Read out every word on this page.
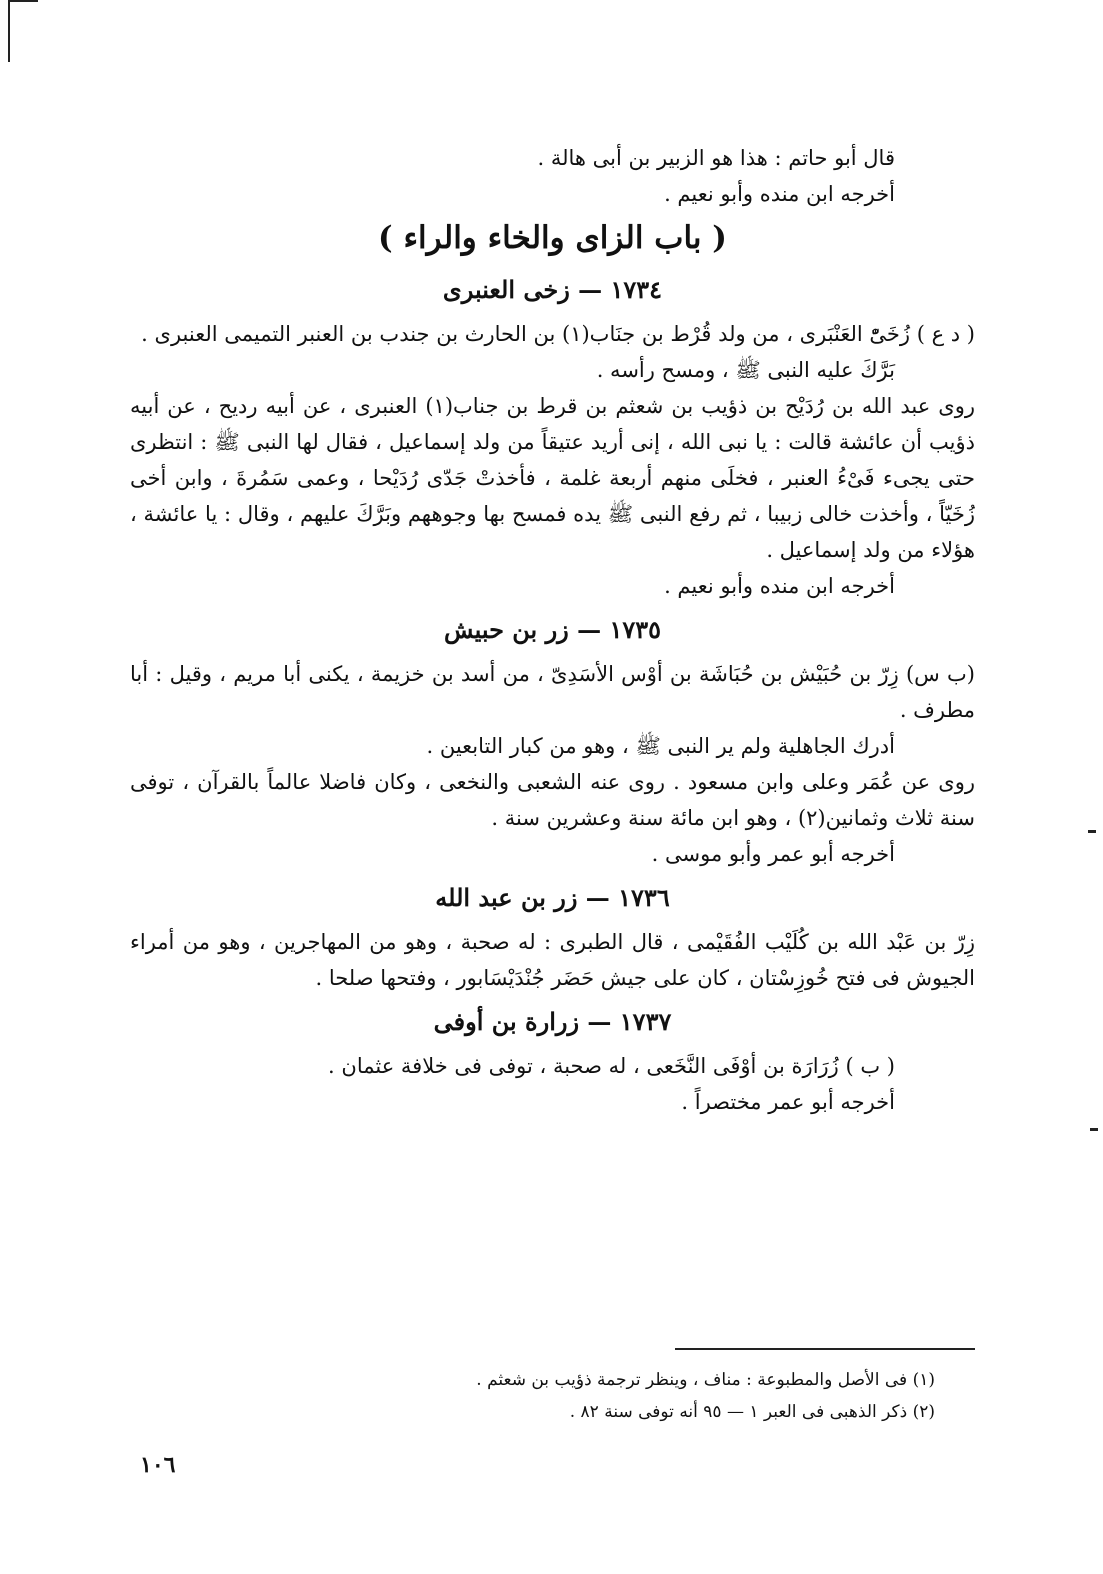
قال أبو حاتم : هذا هو الزبير بن أبى هالة .

أخرجه ابن منده وأبو نعيم .

( باب الزاى والخاء والراء )
١٧٣٤ — زخى العنبرى

( د ع ) زُخَىّْ العَنْبَرى ، من ولد قُرْط بن جنَاب(١) بن الحارث بن جندب بن العنبر التميمى العنبرى .

بَرَّكَ عليه النبى ﷺ ، ومسح رأسه .

روى عبد الله بن رُدَيْح بن ذؤيب بن شعثم بن قرط بن جناب(١) العنبرى ، عن أبيه رديح ، عن أبيه ذؤيب أن عائشة قالت : يا نبى الله ، إنى أريد عتيقاً من ولد إسماعيل ، فقال لها النبى ﷺ : انتظرى حتى يجىء فَىْءُ العنبر ، فخلَى منهم أربعة غلمة ، فأخذتْ جَدّى رُدَيْحا ، وعمى سَمُرةَ ، وابن أخى زُخَيّاً ، وأخذت خالى زبيبا ، ثم رفع النبى ﷺ يده فمسح بها وجوههم وبَرَّكَ عليهم ، وقال : يا عائشة ، هؤلاء من ولد إسماعيل .

أخرجه ابن منده وأبو نعيم .

١٧٣٥ — زر بن حبيش

(ب س) زِرّ بن حُبَيْش بن حُبَاشَة بن أوْس الأسَدِىّ ، من أسد بن خزيمة ، يكنى أبا مريم ، وقيل : أبا مطرف .

أدرك الجاهلية ولم ير النبى ﷺ ، وهو من كبار التابعين .

روى عن عُمَر وعلى وابن مسعود . روى عنه الشعبى والنخعى ، وكان فاضلا عالماً بالقرآن ، توفى سنة ثلاث وثمانين(٢) ، وهو ابن مائة سنة وعشرين سنة .

أخرجه أبو عمر وأبو موسى .

١٧٣٦ — زر بن عبد الله

زِرّ بن عَبْد الله بن كُلَيْب الفُقَيْمى ، قال الطبرى : له صحبة ، وهو من المهاجرين ، وهو من أمراء الجيوش فى فتح خُوزِسْتان ، كان على جيش حَضَر جُنْدَيْسَابور ، وفتحها صلحا .

١٧٣٧ — زرارة بن أوفى

( ب ) زُرَارَة بن أوْفَى النَّخَعى ، له صحبة ، توفى فى خلافة عثمان .

أخرجه أبو عمر مختصراً .

(١) فى الأصل والمطبوعة : مناف ، وينظر ترجمة ذؤيب بن شعثم .

(٢) ذكر الذهبى فى العبر ١ — ٩٥ أنه توفى سنة ٨٢ .

١٠٦
